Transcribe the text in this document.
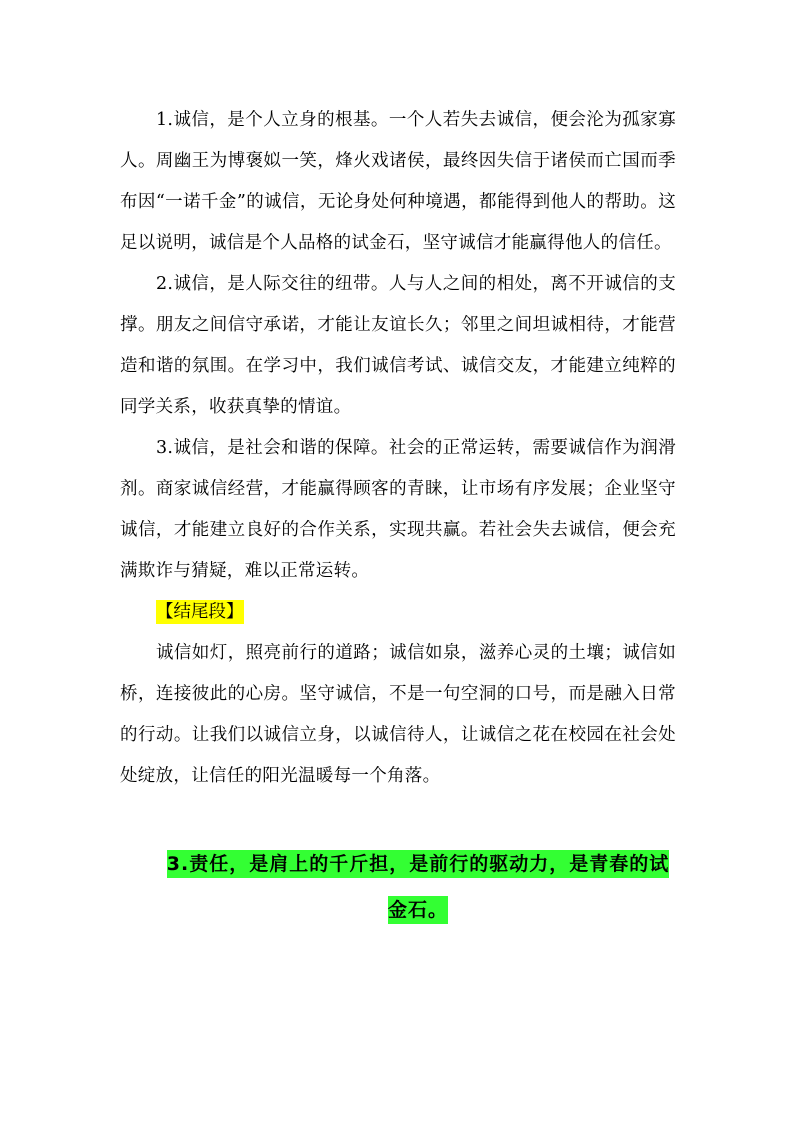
1.诚信，是个人立身的根基。一个人若失去诚信，便会沦为孤家寡人。周幽王为博褒姒一笑，烽火戏诸侯，最终因失信于诸侯而亡国而季布因“一诺千金”的诚信，无论身处何种境遇，都能得到他人的帮助。这足以说明，诚信是个人品格的试金石，坚守诚信才能赢得他人的信任。

2.诚信，是人际交往的纽带。人与人之间的相处，离不开诚信的支撑。朋友之间信守承诺，才能让友谊长久；邻里之间坦诚相待，才能营造和谐的氛围。在学习中，我们诚信考试、诚信交友，才能建立纯粹的同学关系，收获真挚的情谊。

3.诚信，是社会和谐的保障。社会的正常运转，需要诚信作为润滑剂。商家诚信经营，才能赢得顾客的青睐，让市场有序发展；企业坚守诚信，才能建立良好的合作关系，实现共赢。若社会失去诚信，便会充满欺诈与猜疑，难以正常运转。

【结尾段】

诚信如灯，照亮前行的道路；诚信如泉，滋养心灵的土壤；诚信如桥，连接彼此的心房。坚守诚信，不是一句空洞的口号，而是融入日常的行动。让我们以诚信立身，以诚信待人，让诚信之花在校园在社会处处绽放，让信任的阳光温暖每一个角落。

3.责任，是肩上的千斤担，是前行的驱动力，是青春的试金石。
